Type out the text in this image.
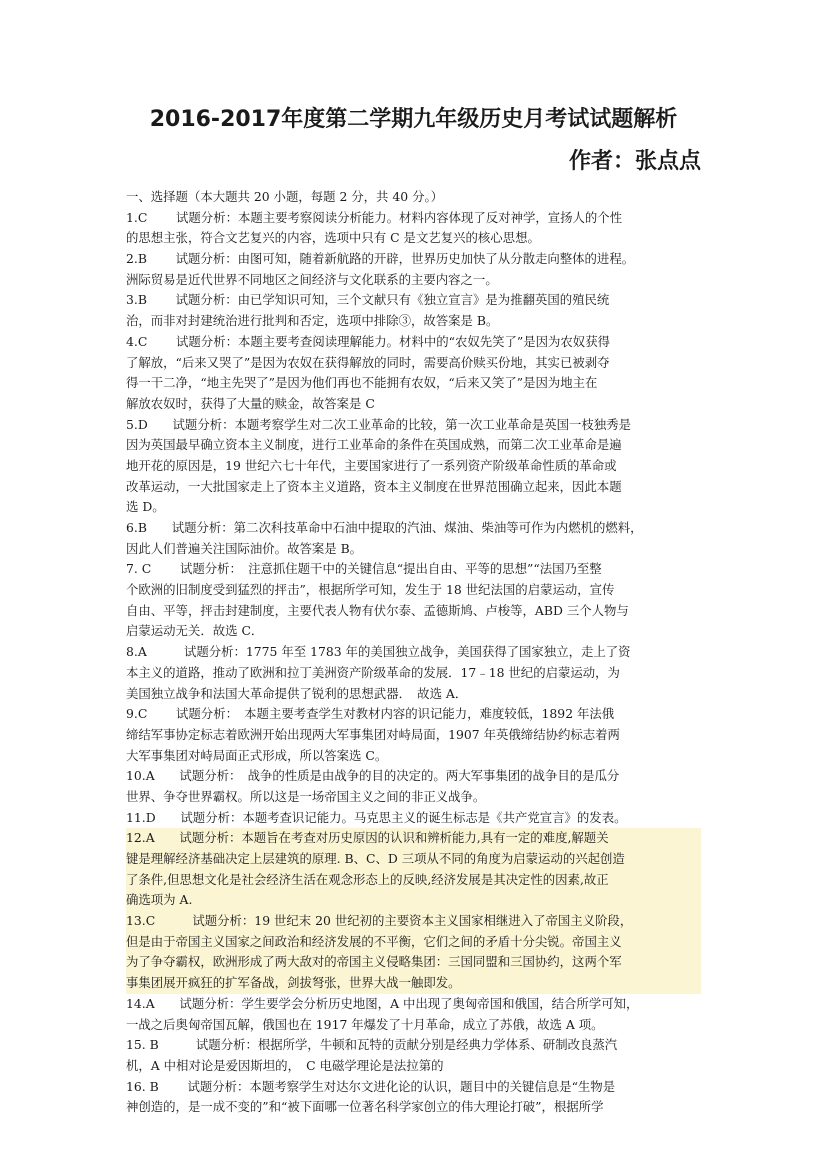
2016-2017年度第二学期九年级历史月考试试题解析
作者：张点点
一、选择题（本大题共 20 小题，每题 2 分，共 40 分。）
1.C　　 试题分析：本题主要考察阅读分析能力。材料内容体现了反对神学，宣扬人的个性
的思想主张，符合文艺复兴的内容，选项中只有 C 是文艺复兴的核心思想。
2.B　　 试题分析：由图可知，随着新航路的开辟，世界历史加快了从分散走向整体的进程。
洲际贸易是近代世界不同地区之间经济与文化联系的主要内容之一。
3.B　　 试题分析：由已学知识可知，三个文献只有《独立宣言》是为推翻英国的殖民统
治，而非对封建统治进行批判和否定，选项中排除③，故答案是 B。
4.C　　 试题分析：本题主要考查阅读理解能力。材料中的“农奴先笑了”是因为农奴获得
了解放，“后来又哭了”是因为农奴在获得解放的同时，需要高价赎买份地，其实已被剥夺
得一干二净，“地主先哭了”是因为他们再也不能拥有农奴，“后来又笑了”是因为地主在
解放农奴时，获得了大量的赎金，故答案是 C
5.D　　试题分析：本题考察学生对二次工业革命的比较，第一次工业革命是英国一枝独秀是
因为英国最早确立资本主义制度，进行工业革命的条件在英国成熟，而第二次工业革命是遍
地开花的原因是，19 世纪六七十年代，主要国家进行了一系列资产阶级革命性质的革命或
改革运动，一大批国家走上了资本主义道路，资本主义制度在世界范围确立起来，因此本题
选 D。
6.B　　试题分析：第二次科技革命中石油中提取的汽油、煤油、柴油等可作为内燃机的燃料，
因此人们普遍关注国际油价。故答案是 B。
7. C　　 试题分析：　注意抓住题干中的关键信息“提出自由、平等的思想”“法国乃至整
个欧洲的旧制度受到猛烈的抨击”，根据所学可知，发生于 18 世纪法国的启蒙运动，宣传
自由、平等，抨击封建制度，主要代表人物有伏尔泰、孟德斯鸠、卢梭等，ABD 三个人物与
启蒙运动无关．故选 C．
8.A　　　试题分析：1775 年至 1783 年的美国独立战争，美国获得了国家独立，走上了资
本主义的道路，推动了欧洲和拉丁美洲资产阶级革命的发展．17﹣18 世纪的启蒙运动，为
美国独立战争和法国大革命提供了锐利的思想武器．　故选 A．
9.C　　 试题分析：　本题主要考查学生对教材内容的识记能力，难度较低，1892 年法俄
缔结军事协定标志着欧洲开始出现两大军事集团对峙局面，1907 年英俄缔结协约标志着两
大军事集团对峙局面正式形成，所以答案选 C。
10.A　　试题分析：　战争的性质是由战争的目的决定的。两大军事集团的战争目的是瓜分
世界、争夺世界霸权。所以这是一场帝国主义之间的非正义战争。
11.D　　试题分析：本题考查识记能力。马克思主义的诞生标志是《共产党宣言》的发表。
12.A　　试题分析：本题旨在考查对历史原因的认识和辨析能力,具有一定的难度,解题关
键是理解经济基础决定上层建筑的原理. B、C、D 三项从不同的角度为启蒙运动的兴起创造
了条件,但思想文化是社会经济生活在观念形态上的反映,经济发展是其决定性的因素,故正
确选项为 A.
13.C　　　试题分析：19 世纪末 20 世纪初的主要资本主义国家相继进入了帝国主义阶段，
但是由于帝国主义国家之间政治和经济发展的不平衡，它们之间的矛盾十分尖锐。帝国主义
为了争夺霸权，欧洲形成了两大敌对的帝国主义侵略集团：三国同盟和三国协约，这两个军
事集团展开疯狂的扩军备战，剑拔弩张，世界大战一触即发。
14.A　　试题分析：学生要学会分析历史地图，A 中出现了奥匈帝国和俄国，结合所学可知，
一战之后奥匈帝国瓦解，俄国也在 1917 年爆发了十月革命，成立了苏俄，故选 A 项。
15. B　　　试题分析：根据所学，牛顿和瓦特的贡献分别是经典力学体系、研制改良蒸汽
机，A 中相对论是爱因斯坦的，　C 电磁学理论是法拉第的
16. B　　 试题分析：本题考察学生对达尔文进化论的认识，题目中的关键信息是“生物是
神创造的，是一成不变的”和“被下面哪一位著名科学家创立的伟大理论打破”，根据所学
